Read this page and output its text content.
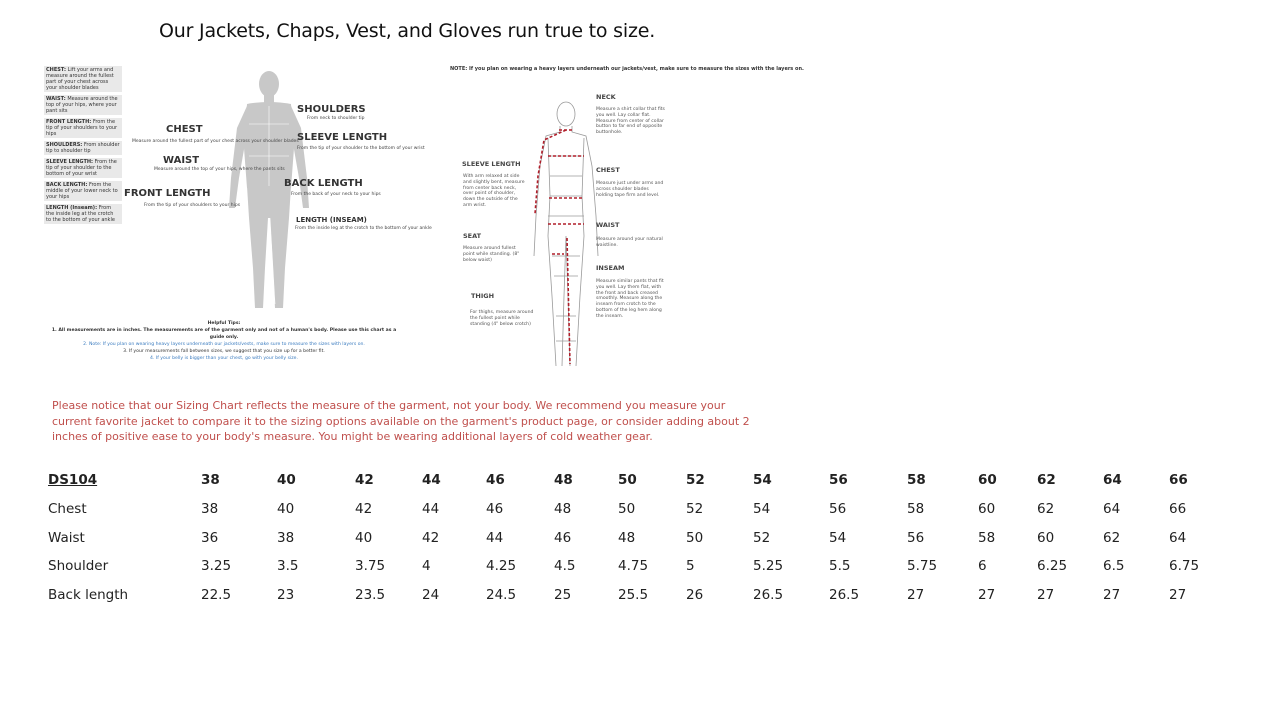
Our Jackets, Chaps, Vest, and Gloves run true to size.
CHEST: Lift your arms and measure around the fullest part of your chest across your shoulder blades
WAIST: Measure around the top of your hips, where your pant sits
FRONT LENGTH: From the tip of your shoulders to your hips
SHOULDERS: From shoulder tip to shoulder tip
SLEEVE LENGTH: From the tip of your shoulder to the bottom of your wrist
BACK LENGTH: From the middle of your lower neck to your hips
LENGTH (Inseam): From the inside leg at the crotch to the bottom of your ankle
CHEST
Measure around the fullest part of your chest across your shoulder blades
WAIST
Measure around the top of your hips, where the pants sits
FRONT LENGTH
From the tip of your shoulders to your hips
SHOULDERS
From neck to shoulder tip
SLEEVE LENGTH
From the tip of your shoulder to the bottom of your wrist
BACK LENGTH
From the back of your neck to your hips
LENGTH (INSEAM)
From the inside leg at the crotch to the bottom of your ankle
Helpful Tips:
1. All measurements are in inches. The measurements are of the garment only and not of a human's body. Please use this chart as a guide only.
2. Note: If you plan on wearing heavy layers underneath our jackets/vests, make sure to measure the sizes with layers on.
3. If your measurements fall between sizes, we suggest that you size up for a better fit.
4. If your belly is bigger than your chest, go with your belly size.
NOTE: If you plan on wearing a heavy layers underneath our jackets/vest, make sure to measure the sizes with the layers on.
NECK
Measure a shirt collar that fits you well. Lay collar flat. Measure from center of collar button to far end of opposite buttonhole.
CHEST
Measure just under arms and across shoulder blades holding tape firm and level.
WAIST
Measure around your natural waistline.
INSEAM
Measure similar pants that fit you well. Lay them flat, with the front and back creased smoothly. Measure along the inseam from crotch to the bottom of the leg hem along the inseam.
SLEEVE LENGTH
With arm relaxed at side and slightly bent, measure from center back neck, over point of shoulder, down the outside of the arm wrist.
SEAT
Measure around fullest point while standing. (8" below waist)
THIGH
For thighs, measure around the fullest point while standing (4" below crotch)
Please notice that our Sizing Chart reflects the measure of the garment, not your body. We recommend you measure your current favorite jacket to compare it to the sizing options available on the garment's product page, or consider adding about 2 inches of positive ease to your body's measure. You might be wearing additional layers of cold weather gear.
DS104	38	40	42	44	46	48	50	52	54	56	58	60	62	64	66
Chest	38	40	42	44	46	48	50	52	54	56	58	60	62	64	66
Waist	36	38	40	42	44	46	48	50	52	54	56	58	60	62	64
Shoulder	3.25	3.5	3.75	4	4.25	4.5	4.75	5	5.25	5.5	5.75	6	6.25	6.5	6.75
Back length	22.5	23	23.5	24	24.5	25	25.5	26	26.5	26.5	27	27	27	27	27
